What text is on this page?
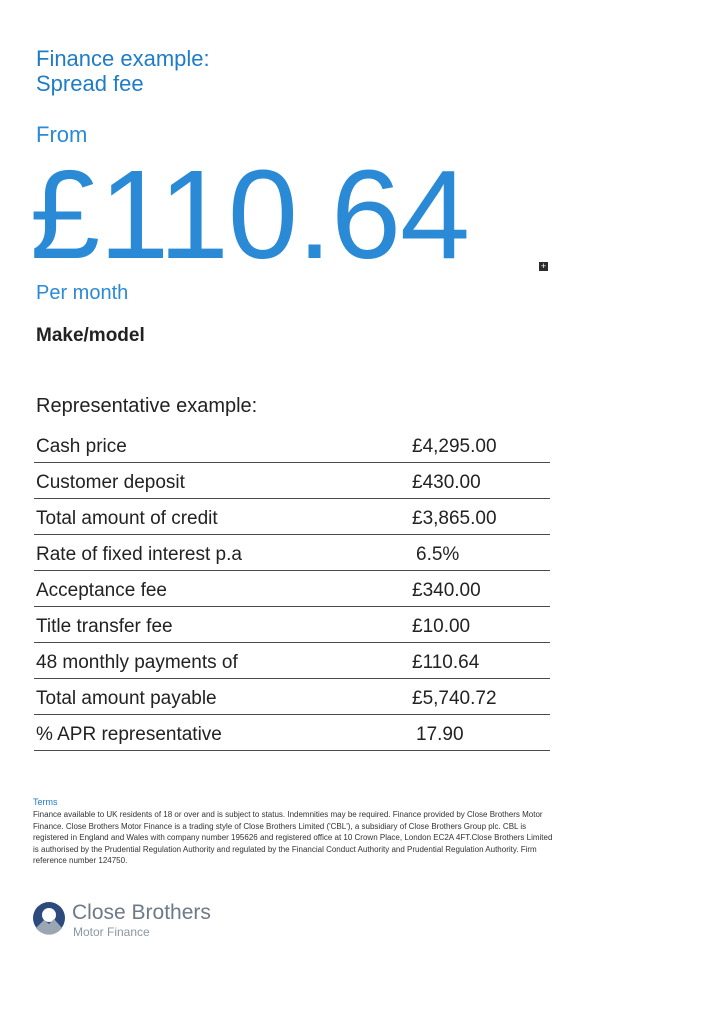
Finance example:
Spread fee
From
£110.64	+
Per month
Make/model
Representative example:
Cash price	£4,295.00
Customer deposit	£430.00
Total amount of credit	£3,865.00
Rate of fixed interest p.a	6.5%
Acceptance fee	£340.00
Title transfer fee	£10.00
48 monthly payments of	£110.64
Total amount payable	£5,740.72
% APR representative	17.90
Terms
Finance available to UK residents of 18 or over and is subject to status. Indemnities may be required. Finance provided by Close Brothers Motor Finance. Close Brothers Motor Finance is a trading style of Close Brothers Limited ('CBL'), a subsidiary of Close Brothers Group plc. CBL is registered in England and Wales with company number 195626 and registered office at 10 Crown Place, London EC2A 4FT.Close Brothers Limited is authorised by the Prudential Regulation Authority and regulated by the Financial Conduct Authority and Prudential Regulation Authority. Firm reference number 124750.
Close Brothers
Motor Finance
